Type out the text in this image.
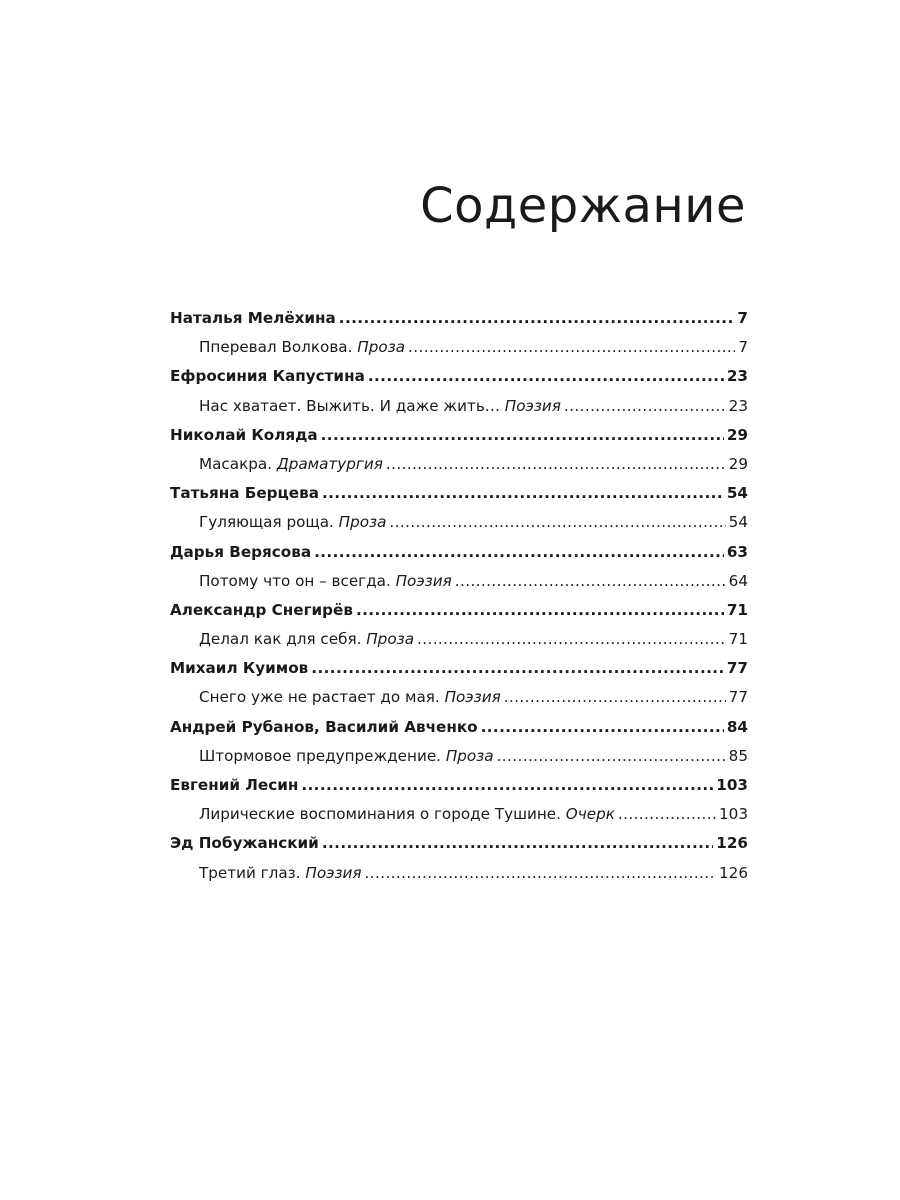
Содержание
Наталья Мелёхина .....	7
Пперевал Волкова. Проза .....	7
Ефросиния Капустина .....	23
Нас хватает. Выжить. И даже жить… Поэзия .....	23
Николай Коляда .....	29
Масакра. Драматургия .....	29
Татьяна Берцева .....	54
Гуляющая роща. Проза .....	54
Дарья Верясова .....	63
Потому что он – всегда. Поэзия .....	64
Александр Снегирёв .....	71
Делал как для себя. Проза .....	71
Михаил Куимов .....	77
Снего уже не растает до мая. Поэзия .....	77
Андрей Рубанов, Василий Авченко .....	84
Штормовое предупреждение. Проза .....	85
Евгений Лесин .....	103
Лирические воспоминания о городе Тушине. Очерк .....	103
Эд Побужанский .....	126
Третий глаз. Поэзия .....	126
